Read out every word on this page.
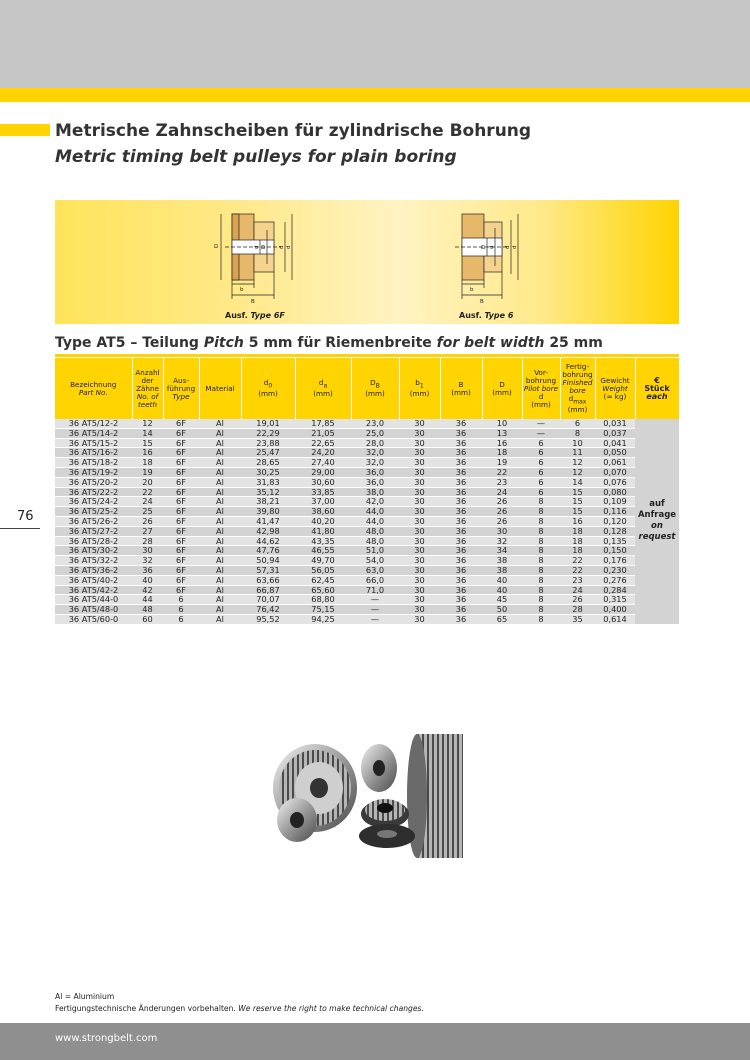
Metrische Zahnscheiben für zylindrische Bohrung
Metric timing belt pulleys for plain boring
D	d D d d
b
B
D d d d
b
B
Ausf. Type 6F	Ausf. Type 6
Type AT5 – Teilung Pitch 5 mm für Riemenbreite for belt width 25 mm
76
Bezeichnung
Part No.	Anzahl der Zähne
No. of teeth	Aus-führung
Type	Material	$d_0$
(mm)	$d_a$
(mm)	$D_B$
(mm)	$b_1$
(mm)	B
(mm)	D
(mm)	Vor-bohrung
Pilot bore
d
(mm)	Fertig-bohrung
Finished bore
$d_{max}$
(mm)	Gewicht
Weight
(≈ kg)	€
Stück each
36 AT5/12-2	12	6F	Al	19,01	17,85	23,0	30	36	10	—	6	0,031	auf
Anfrage
on
request
36 AT5/14-2	14	6F	Al	22,29	21,05	25,0	30	36	13	—	8	0,037	
36 AT5/15-2	15	6F	Al	23,88	22,65	28,0	30	36	16	6	10	0,041	
36 AT5/16-2	16	6F	Al	25,47	24,20	32,0	30	36	18	6	11	0,050	
36 AT5/18-2	18	6F	Al	28,65	27,40	32,0	30	36	19	6	12	0,061	
36 AT5/19-2	19	6F	Al	30,25	29,00	36,0	30	36	22	6	12	0,070	
36 AT5/20-2	20	6F	Al	31,83	30,60	36,0	30	36	23	6	14	0,076	
36 AT5/22-2	22	6F	Al	35,12	33,85	38,0	30	36	24	6	15	0,080	
36 AT5/24-2	24	6F	Al	38,21	37,00	42,0	30	36	26	8	15	0,109	
36 AT5/25-2	25	6F	Al	39,80	38,60	44,0	30	36	26	8	15	0,116	
36 AT5/26-2	26	6F	Al	41,47	40,20	44,0	30	36	26	8	16	0,120	
36 AT5/27-2	27	6F	Al	42,98	41,80	48,0	30	36	30	8	18	0,128	
36 AT5/28-2	28	6F	Al	44,62	43,35	48,0	30	36	32	8	18	0,135	
36 AT5/30-2	30	6F	Al	47,76	46,55	51,0	30	36	34	8	18	0,150	
36 AT5/32-2	32	6F	Al	50,94	49,70	54,0	30	36	38	8	22	0,176	
36 AT5/36-2	36	6F	Al	57,31	56,05	63,0	30	36	38	8	22	0,230	
36 AT5/40-2	40	6F	Al	63,66	62,45	66,0	30	36	40	8	23	0,276	
36 AT5/42-2	42	6F	Al	66,87	65,60	71,0	30	36	40	8	24	0,284	
36 AT5/44-0	44	6	Al	70,07	68,80	—	30	36	45	8	26	0,315	
36 AT5/48-0	48	6	Al	76,42	75,15	—	30	36	50	8	28	0,400	
36 AT5/60-0	60	6	Al	95,52	94,25	—	30	36	65	8	35	0,614	
Al = Aluminium
Fertigungstechnische Änderungen vorbehalten. We reserve the right to make technical changes.
www.strongbelt.com
